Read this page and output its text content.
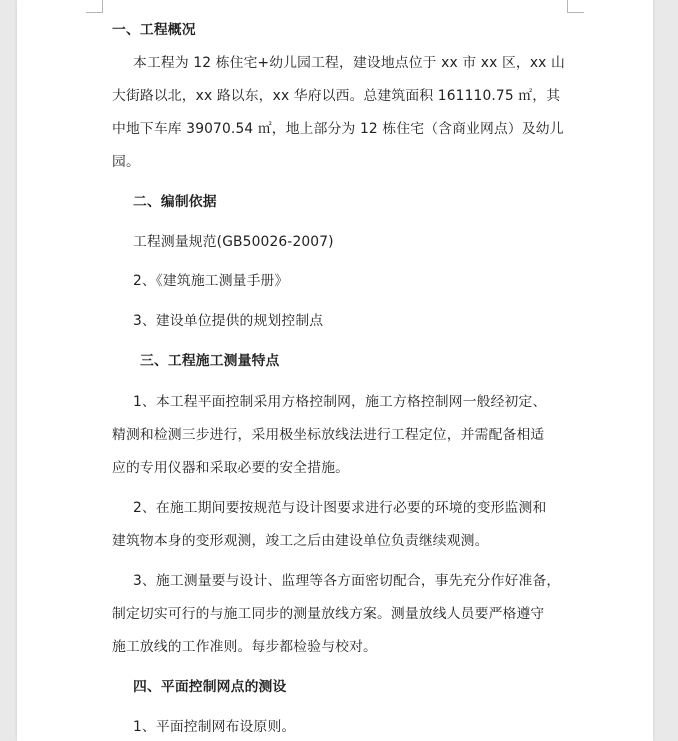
一、工程概况
本工程为 12 栋住宅+幼儿园工程，建设地点位于 xx 市 xx 区，xx 山
大街路以北，xx 路以东，xx 华府以西。总建筑面积 161110.75 ㎡，其
中地下车库 39070.54 ㎡，地上部分为 12 栋住宅（含商业网点）及幼儿
园。
二、编制依据
工程测量规范(GB50026-2007)
2、《建筑施工测量手册》
3、建设单位提供的规划控制点
三、工程施工测量特点
1、本工程平面控制采用方格控制网，施工方格控制网一般经初定、
精测和检测三步进行，采用极坐标放线法进行工程定位，并需配备相适
应的专用仪器和采取必要的安全措施。
2、在施工期间要按规范与设计图要求进行必要的环境的变形监测和
建筑物本身的变形观测，竣工之后由建设单位负责继续观测。
3、施工测量要与设计、监理等各方面密切配合，事先充分作好准备，
制定切实可行的与施工同步的测量放线方案。测量放线人员要严格遵守
施工放线的工作准则。每步都检验与校对。
四、平面控制网点的测设
1、平面控制网布设原则。
